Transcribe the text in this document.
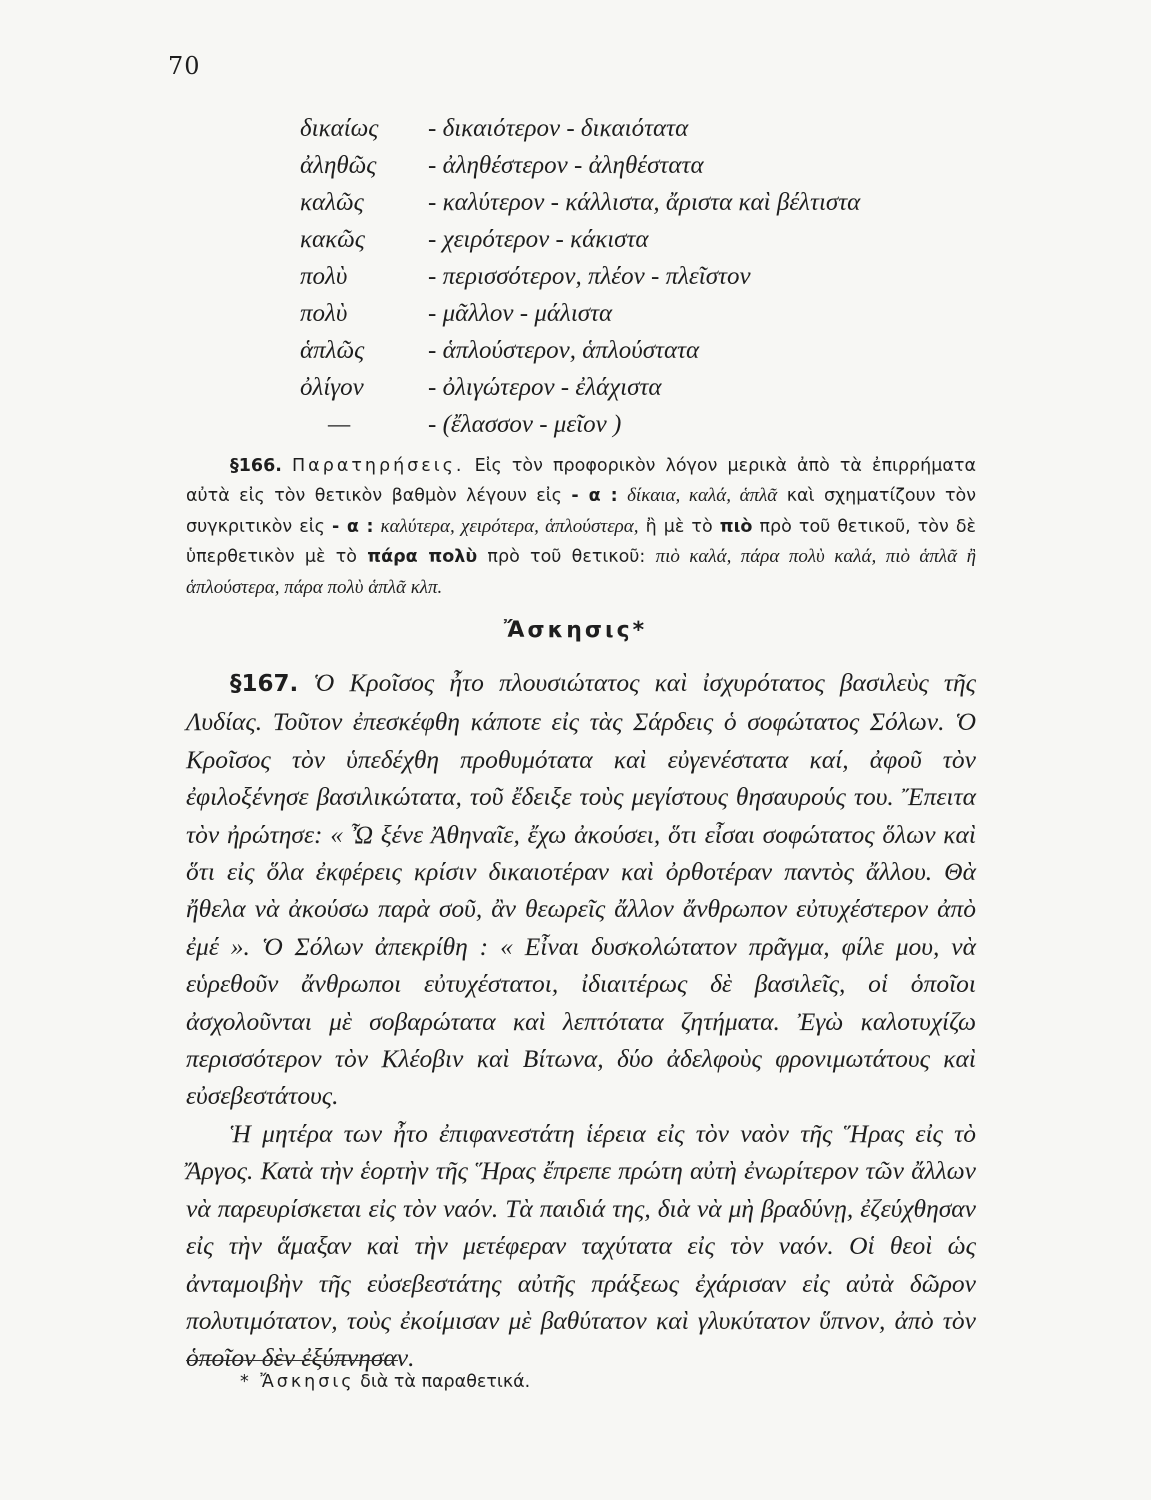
70
δικαίως	- δικαιότερον - δικαιότατα
ἀληθῶς	- ἀληθέστερον - ἀληθέστατα
καλῶς	- καλύτερον - κάλλιστα, ἄριστα καὶ βέλτιστα
κακῶς	- χειρότερον - κάκιστα
πολὺ	- περισσότερον, πλέον - πλεῖστον
πολὺ	- μᾶλλον - μάλιστα
ἁπλῶς	- ἁπλούστερον, ἁπλούστατα
ὀλίγον	- ὀλιγώτερον - ἐλάχιστα
—	- (ἔλασσον - μεῖον )
§166. Παρατηρήσεις. Εἰς τὸν προφορικὸν λόγον μερικὰ ἀπὸ τὰ ἐπιρρήματα αὐτὰ εἰς τὸν θετικὸν βαθμὸν λέγουν εἰς - α : δίκαια, καλά, ἁπλᾶ καὶ σχηματίζουν τὸν συγκριτικὸν εἰς - α : καλύτερα, χειρότερα, ἁπλούστερα, ἢ μὲ τὸ πιὸ πρὸ τοῦ θετικοῦ, τὸν δὲ ὑπερθετικὸν μὲ τὸ πάρα πολὺ πρὸ τοῦ θετικοῦ: πιὸ καλά, πάρα πολὺ καλά, πιὸ ἁπλᾶ ἢ ἁπλούστερα, πάρα πολὺ ἁπλᾶ κλπ.
Ἄσκησις*

§167. Ὁ Κροῖσος ἦτο πλουσιώτατος καὶ ἰσχυρότατος βασιλεὺς τῆς Λυδίας. Τοῦτον ἐπεσκέφθη κάποτε εἰς τὰς Σάρδεις ὁ σοφώτατος Σόλων. Ὁ Κροῖσος τὸν ὑπεδέχθη προθυμότατα καὶ εὐγενέστατα καί, ἀφοῦ τὸν ἐφιλοξένησε βασιλικώτατα, τοῦ ἔδειξε τοὺς μεγίστους θησαυρούς του. Ἔπειτα τὸν ἠρώτησε: « Ὦ ξένε Ἀθηναῖε, ἔχω ἀκούσει, ὅτι εἶσαι σοφώτατος ὅλων καὶ ὅτι εἰς ὅλα ἐκφέρεις κρίσιν δικαιοτέραν καὶ ὀρθοτέραν παντὸς ἄλλου. Θὰ ἤθελα νὰ ἀκούσω παρὰ σοῦ, ἂν θεωρεῖς ἄλλον ἄνθρωπον εὐτυχέστερον ἀπὸ ἐμέ ». Ὁ Σόλων ἀπεκρίθη : « Εἶναι δυσκολώτατον πρᾶγμα, φίλε μου, νὰ εὑρεθοῦν ἄνθρωποι εὐτυχέστατοι, ἰδιαιτέρως δὲ βασιλεῖς, οἱ ὁποῖοι ἀσχολοῦνται μὲ σοβαρώτατα καὶ λεπτότατα ζητήματα. Ἐγὼ καλοτυχίζω περισσότερον τὸν Κλέοβιν καὶ Βίτωνα, δύο ἀδελφοὺς φρονιμωτάτους καὶ εὐσεβεστάτους.

Ἡ μητέρα των ἦτο ἐπιφανεστάτη ἱέρεια εἰς τὸν ναὸν τῆς Ἥρας εἰς τὸ Ἄργος. Κατὰ τὴν ἑορτὴν τῆς Ἥρας ἔπρεπε πρώτη αὐτὴ ἐνωρίτερον τῶν ἄλλων νὰ παρευρίσκεται εἰς τὸν ναόν. Τὰ παιδιά της, διὰ νὰ μὴ βραδύνῃ, ἐζεύχθησαν εἰς τὴν ἅμαξαν καὶ τὴν μετέφεραν ταχύτατα εἰς τὸν ναόν. Οἱ θεοὶ ὡς ἀνταμοιβὴν τῆς εὐσεβεστάτης αὐτῆς πράξεως ἐχάρισαν εἰς αὐτὰ δῶρον πολυτιμότατον, τοὺς ἐκοίμισαν μὲ βαθύτατον καὶ γλυκύτατον ὕπνον, ἀπὸ τὸν ὁποῖον δὲν ἐξύπνησαν.

* Ἄσκησις διὰ τὰ παραθετικά.
